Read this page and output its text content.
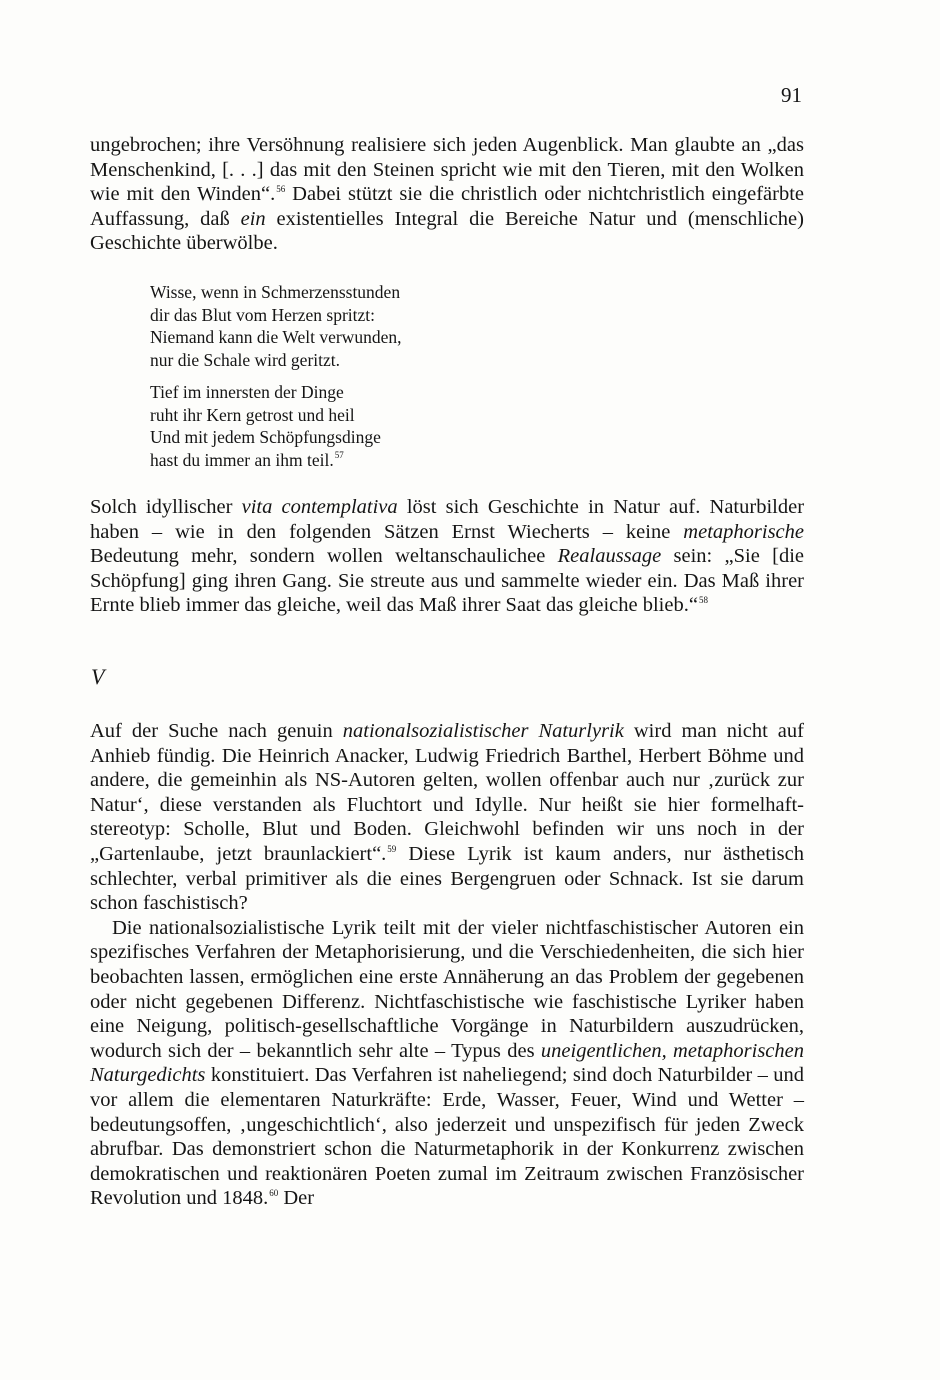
91

ungebrochen; ihre Versöhnung realisiere sich jeden Augenblick. Man glaubte an „das Menschenkind, [. . .] das mit den Steinen spricht wie mit den Tieren, mit den Wolken wie mit den Winden“.$^{56}$ Dabei stützt sie die christlich oder nichtchristlich eingefärbte Auffassung, daß ein existentielles Integral die Bereiche Natur und (menschliche) Geschichte überwölbe.

Wisse, wenn in Schmerzensstunden
dir das Blut vom Herzen spritzt:
Niemand kann die Welt verwunden,
nur die Schale wird geritzt.
Tief im innersten der Dinge
ruht ihr Kern getrost und heil
Und mit jedem Schöpfungsdinge
hast du immer an ihm teil.$^{57}$

Solch idyllischer vita contemplativa löst sich Geschichte in Natur auf. Naturbilder haben – wie in den folgenden Sätzen Ernst Wiecherts – keine metaphorische Bedeutung mehr, sondern wollen weltanschaulichee Realaussage sein: „Sie [die Schöpfung] ging ihren Gang. Sie streute aus und sammelte wieder ein. Das Maß ihrer Ernte blieb immer das gleiche, weil das Maß ihrer Saat das gleiche blieb.“$^{58}$

V

Auf der Suche nach genuin nationalsozialistischer Naturlyrik wird man nicht auf Anhieb fündig. Die Heinrich Anacker, Ludwig Friedrich Barthel, Herbert Böhme und andere, die gemeinhin als NS-Autoren gelten, wollen offenbar auch nur ‚zurück zur Natur‘, diese verstanden als Fluchtort und Idylle. Nur heißt sie hier formelhaft-stereotyp: Scholle, Blut und Boden. Gleichwohl befinden wir uns noch in der „Gartenlaube, jetzt braunlackiert“.$^{59}$ Diese Lyrik ist kaum anders, nur ästhetisch schlechter, verbal primitiver als die eines Bergengruen oder Schnack. Ist sie darum schon faschistisch?

Die nationalsozialistische Lyrik teilt mit der vieler nichtfaschistischer Autoren ein spezifisches Verfahren der Metaphorisierung, und die Verschiedenheiten, die sich hier beobachten lassen, ermöglichen eine erste Annäherung an das Problem der gegebenen oder nicht gegebenen Differenz. Nichtfaschistische wie faschistische Lyriker haben eine Neigung, politisch-gesellschaftliche Vorgänge in Naturbildern auszudrücken, wodurch sich der – bekanntlich sehr alte – Typus des uneigentlichen, metaphorischen Naturgedichts konstituiert. Das Verfahren ist naheliegend; sind doch Naturbilder – und vor allem die elementaren Naturkräfte: Erde, Wasser, Feuer, Wind und Wetter – bedeutungsoffen, ‚ungeschichtlich‘, also jederzeit und unspezifisch für jeden Zweck abrufbar. Das demonstriert schon die Naturmetaphorik in der Konkurrenz zwischen demokratischen und reaktionären Poeten zumal im Zeitraum zwischen Französischer Revolution und 1848.60 Der
